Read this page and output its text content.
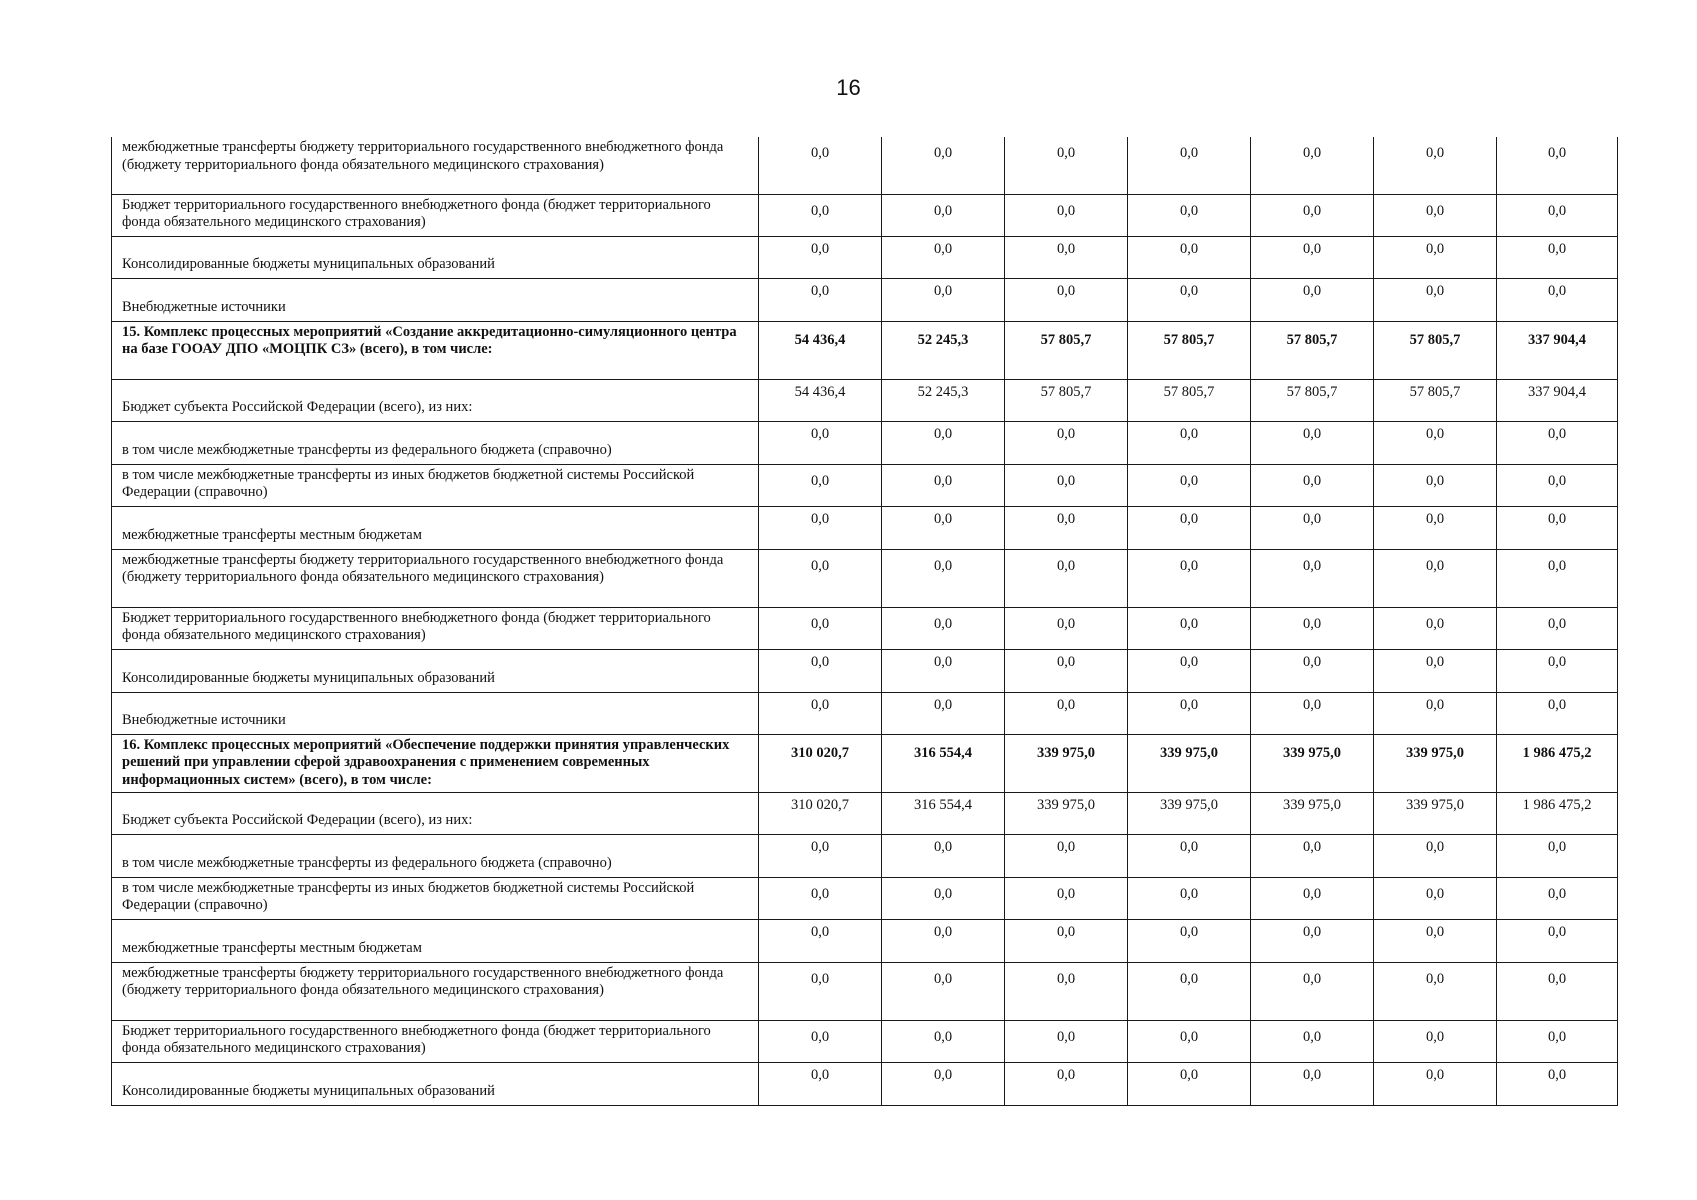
16
межбюджетные трансферты бюджету территориального государственного внебюджетного фонда (бюджету территориального фонда обязательного медицинского страхования)	0,0	0,0	0,0	0,0	0,0	0,0	0,0
Бюджет территориального государственного внебюджетного фонда (бюджет территориального фонда обязательного медицинского страхования)	0,0	0,0	0,0	0,0	0,0	0,0	0,0
Консолидированные бюджеты муниципальных образований	0,0	0,0	0,0	0,0	0,0	0,0	0,0
Внебюджетные источники	0,0	0,0	0,0	0,0	0,0	0,0	0,0
15. Комплекс процессных мероприятий «Создание аккредитационно-симуляционного центра на базе ГООАУ ДПО «МОЦПК СЗ» (всего), в том числе:	54 436,4	52 245,3	57 805,7	57 805,7	57 805,7	57 805,7	337 904,4
Бюджет субъекта Российской Федерации (всего), из них:	54 436,4	52 245,3	57 805,7	57 805,7	57 805,7	57 805,7	337 904,4
в том числе межбюджетные трансферты из федерального бюджета (справочно)	0,0	0,0	0,0	0,0	0,0	0,0	0,0
в том числе межбюджетные трансферты из иных бюджетов бюджетной системы Российской Федерации (справочно)	0,0	0,0	0,0	0,0	0,0	0,0	0,0
межбюджетные трансферты местным бюджетам	0,0	0,0	0,0	0,0	0,0	0,0	0,0
межбюджетные трансферты бюджету территориального государственного внебюджетного фонда (бюджету территориального фонда обязательного медицинского страхования)	0,0	0,0	0,0	0,0	0,0	0,0	0,0
Бюджет территориального государственного внебюджетного фонда (бюджет территориального фонда обязательного медицинского страхования)	0,0	0,0	0,0	0,0	0,0	0,0	0,0
Консолидированные бюджеты муниципальных образований	0,0	0,0	0,0	0,0	0,0	0,0	0,0
Внебюджетные источники	0,0	0,0	0,0	0,0	0,0	0,0	0,0
16. Комплекс процессных мероприятий «Обеспечение поддержки принятия управленческих решений при управлении сферой здравоохранения с применением современных информационных систем» (всего), в том числе:	310 020,7	316 554,4	339 975,0	339 975,0	339 975,0	339 975,0	1 986 475,2
Бюджет субъекта Российской Федерации (всего), из них:	310 020,7	316 554,4	339 975,0	339 975,0	339 975,0	339 975,0	1 986 475,2
в том числе межбюджетные трансферты из федерального бюджета (справочно)	0,0	0,0	0,0	0,0	0,0	0,0	0,0
в том числе межбюджетные трансферты из иных бюджетов бюджетной системы Российской Федерации (справочно)	0,0	0,0	0,0	0,0	0,0	0,0	0,0
межбюджетные трансферты местным бюджетам	0,0	0,0	0,0	0,0	0,0	0,0	0,0
межбюджетные трансферты бюджету территориального государственного внебюджетного фонда (бюджету территориального фонда обязательного медицинского страхования)	0,0	0,0	0,0	0,0	0,0	0,0	0,0
Бюджет территориального государственного внебюджетного фонда (бюджет территориального фонда обязательного медицинского страхования)	0,0	0,0	0,0	0,0	0,0	0,0	0,0
Консолидированные бюджеты муниципальных образований	0,0	0,0	0,0	0,0	0,0	0,0	0,0
